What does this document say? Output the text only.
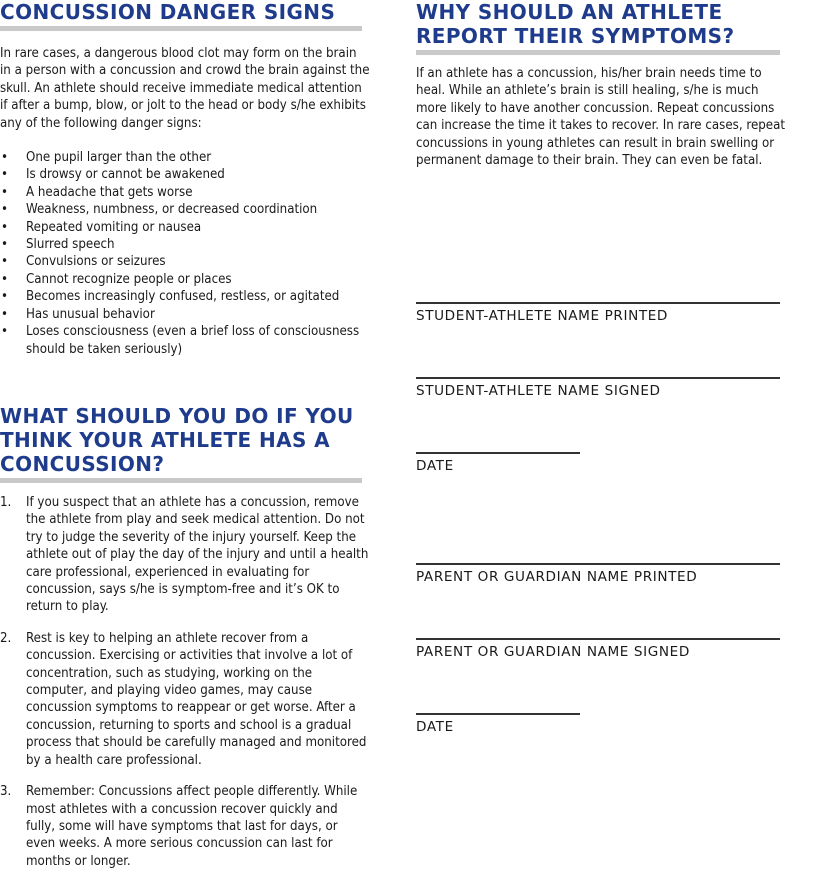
CONCUSSION DANGER SIGNS

In rare cases, a dangerous blood clot may form on the brain in a person with a concussion and crowd the brain against the skull. An athlete should receive immediate medical attention if after a bump, blow, or jolt to the head or body s/he exhibits any of the following danger signs:

• One pupil larger than the other
• Is drowsy or cannot be awakened
• A headache that gets worse
• Weakness, numbness, or decreased coordination
• Repeated vomiting or nausea
• Slurred speech
• Convulsions or seizures
• Cannot recognize people or places
• Becomes increasingly confused, restless, or agitated
• Has unusual behavior
• Loses consciousness (even a brief loss of consciousness should be taken seriously)
WHAT SHOULD YOU DO IF YOU THINK YOUR ATHLETE HAS A CONCUSSION?
1. If you suspect that an athlete has a concussion, remove the athlete from play and seek medical attention. Do not try to judge the severity of the injury yourself. Keep the athlete out of play the day of the injury and until a health care professional, experienced in evaluating for concussion, says s/he is symptom-free and it’s OK to return to play.
2. Rest is key to helping an athlete recover from a concussion. Exercising or activities that involve a lot of concentration, such as studying, working on the computer, and playing video games, may cause concussion symptoms to reappear or get worse. After a concussion, returning to sports and school is a gradual process that should be carefully managed and monitored by a health care professional.
3. Remember: Concussions affect people differently. While most athletes with a concussion recover quickly and fully, some will have symptoms that last for days, or even weeks. A more serious concussion can last for months or longer.
WHY SHOULD AN ATHLETE REPORT THEIR SYMPTOMS?

If an athlete has a concussion, his/her brain needs time to heal. While an athlete’s brain is still healing, s/he is much more likely to have another concussion. Repeat concussions can increase the time it takes to recover. In rare cases, repeat concussions in young athletes can result in brain swelling or permanent damage to their brain. They can even be fatal.

STUDENT-ATHLETE NAME PRINTED
STUDENT-ATHLETE NAME SIGNED
DATE
PARENT OR GUARDIAN NAME PRINTED
PARENT OR GUARDIAN NAME SIGNED
DATE
